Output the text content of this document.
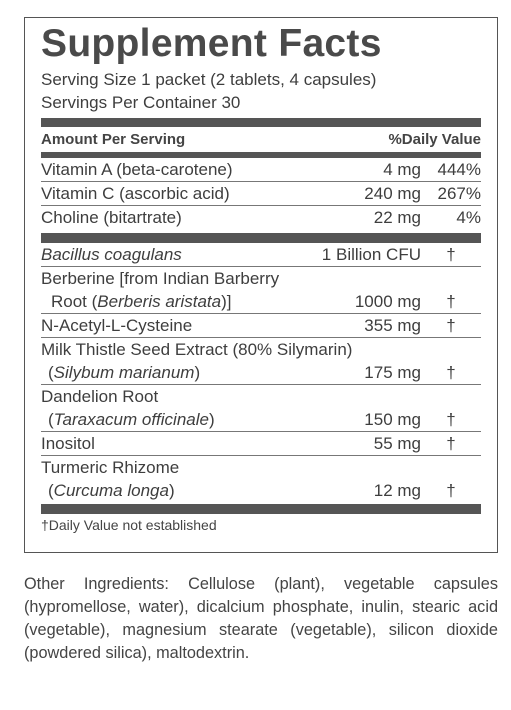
Supplement Facts
Serving Size 1 packet (2 tablets, 4 capsules)
Servings Per Container 30
Amount Per Serving	%Daily Value
Vitamin A (beta-carotene)	4 mg 444%
Vitamin C (ascorbic acid)	240 mg 267%
Choline (bitartrate)	22 mg	4%
Bacillus coagulans	1 Billion CFU	†
Berberine [from Indian Barberry
Root (Berberis aristata)]	1000 mg	†
N-Acetyl-L-Cysteine	355 mg	†
Milk Thistle Seed Extract (80% Silymarin)
(Silybum marianum)	175 mg	†
Dandelion Root
(Taraxacum officinale)	150 mg	†
Inositol	55 mg	†
Turmeric Rhizome
(Curcuma longa)	12 mg	†
†Daily Value not established
Other Ingredients: Cellulose (plant), vegetable capsules (hypromellose, water), dicalcium phosphate, inulin, stearic acid (vegetable), magnesium stearate (vegetable), silicon dioxide (powdered silica), maltodextrin.
